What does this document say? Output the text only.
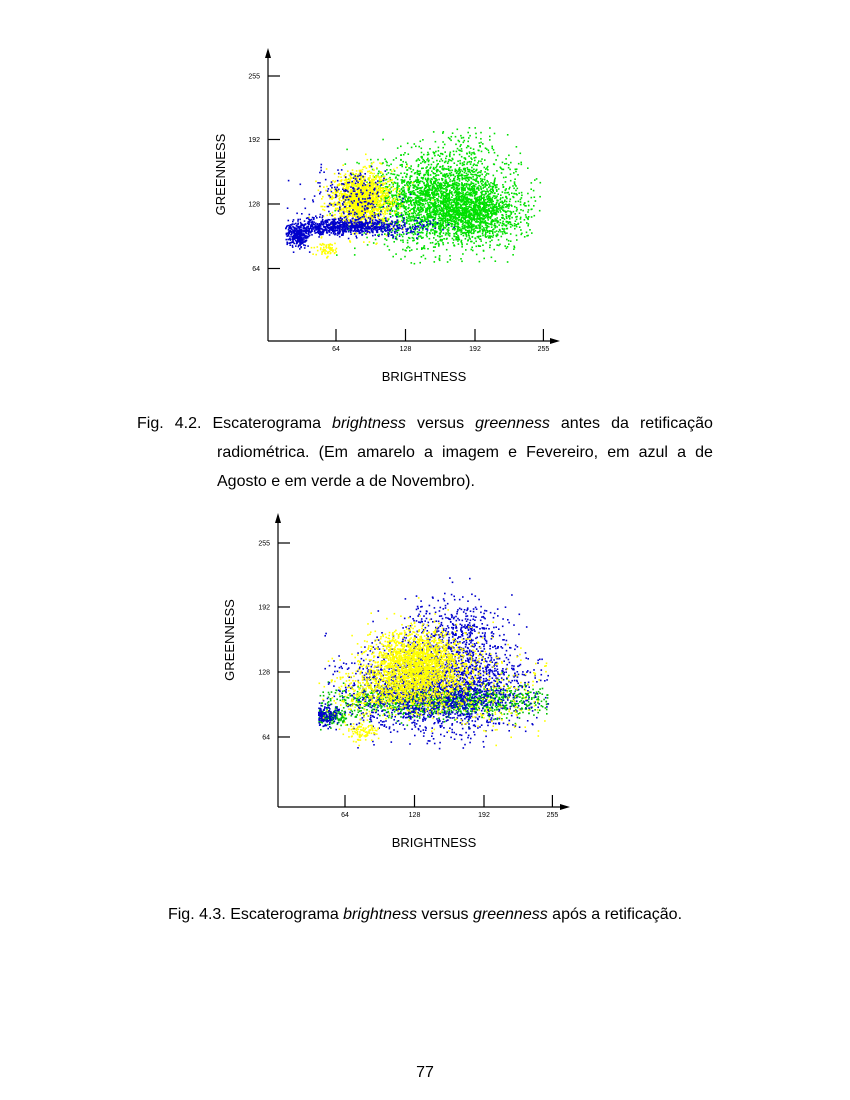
255
192
128
64
64	128	192	255
BRIGHTNESS
GREENNESS
255
192
128
64
64	128	192	255
BRIGHTNESS
GREENNESS
Fig. 4.2. Escaterograma brightness versus greenness antes da retificação
radiométrica. (Em amarelo a imagem e Fevereiro, em azul a de
Agosto e em verde a de Novembro).
Fig. 4.3. Escaterograma brightness versus greenness após a retificação.
77
